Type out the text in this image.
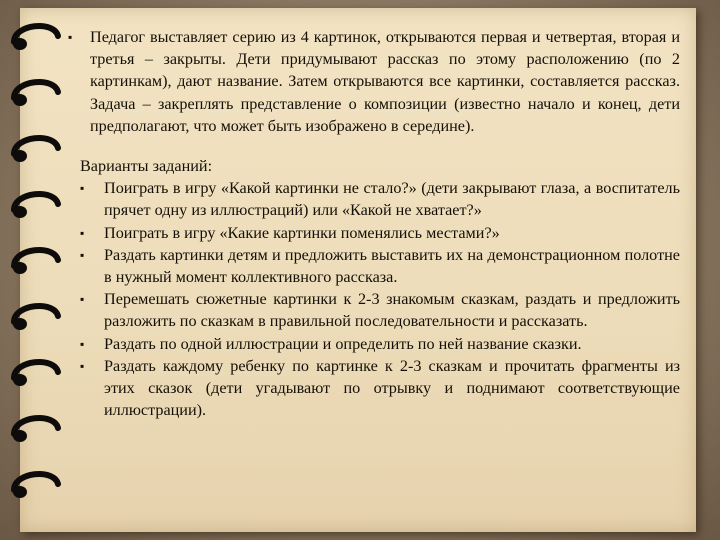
▪ Педагог выставляет серию из 4 картинок, открываются первая и четвертая, вторая и третья – закрыты. Дети придумывают рассказ по этому расположению (по 2 картинкам), дают название. Затем открываются все картинки, составляется рассказ. Задача – закреплять представление о композиции (известно начало и конец, дети предполагают, что может быть изображено в середине).

Варианты заданий:

▪ Поиграть в игру «Какой картинки не стало?» (дети закрывают глаза, а воспитатель прячет одну из иллюстраций) или «Какой не хватает?»
▪ Поиграть в игру «Какие картинки поменялись местами?»
▪ Раздать картинки детям и предложить выставить их на демонстрационном полотне в нужный момент коллективного рассказа.
▪ Перемешать сюжетные картинки к 2-3 знакомым сказкам, раздать и предложить разложить по сказкам в правильной последовательности и рассказать.
▪ Раздать по одной иллюстрации и определить по ней название сказки.
▪ Раздать каждому ребенку по картинке к 2-3 сказкам и прочитать фрагменты из этих сказок (дети угадывают по отрывку и поднимают соответствующие иллюстрации).
